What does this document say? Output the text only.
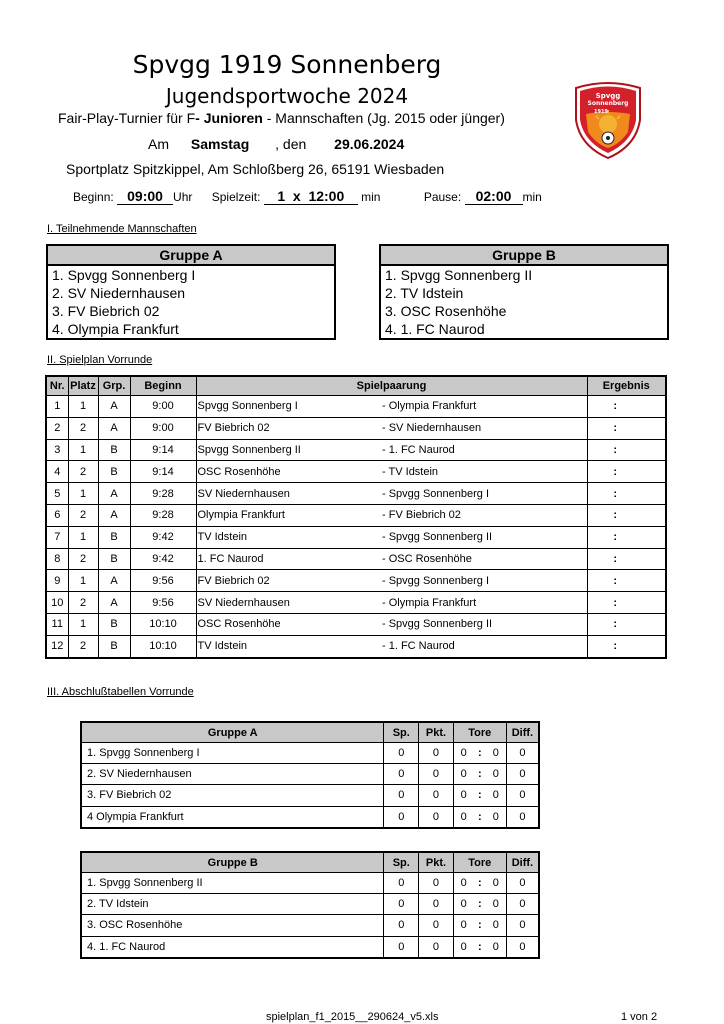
Spvgg 1919 Sonnenberg
Jugendsportwoche 2024
Fair-Play-Turnier für F- Junioren - Mannschaften (Jg. 2015 oder jünger)
Am Samstag , den 29.06.2024
Sportplatz Spitzkippel, Am Schloßberg 26, 65191 Wiesbaden
Beginn: 09:00 Uhr Spielzeit: 1  x  12:00 min	Pause: 02:00 min
Spvgg
Sonnenberg
1919
I. Teilnehmende Mannschaften
Gruppe A
1. Spvgg Sonnenberg I
2. SV Niedernhausen
3. FV Biebrich 02
4. Olympia Frankfurt
Gruppe B
1. Spvgg Sonnenberg II
2. TV Idstein
3. OSC Rosenhöhe
4. 1. FC Naurod
II. Spielplan Vorrunde
Nr.	Platz	Grp.	Beginn	Spielpaarung		Ergebnis	
1	1	A	9:00	Spvgg Sonnenberg I	- Olympia Frankfurt	:	
2	2	A	9:00	FV Biebrich 02	- SV Niedernhausen	:	
3	1	B	9:14	Spvgg Sonnenberg II	- 1. FC Naurod	:	
4	2	B	9:14	OSC Rosenhöhe	- TV Idstein	:	
5	1	A	9:28	SV Niedernhausen	- Spvgg Sonnenberg I	:	
6	2	A	9:28	Olympia Frankfurt	- FV Biebrich 02	:	
7	1	B	9:42	TV Idstein	- Spvgg Sonnenberg II	:	
8	2	B	9:42	1. FC Naurod	- OSC Rosenhöhe	:	
9	1	A	9:56	FV Biebrich 02	- Spvgg Sonnenberg I	:	
10	2	A	9:56	SV Niedernhausen	- Olympia Frankfurt	:	
11	1	B	10:10	OSC Rosenhöhe	- Spvgg Sonnenberg II	:	
12	2	B	10:10	TV Idstein	- 1. FC Naurod	:	
III. Abschlußtabellen Vorrunde
Gruppe A	Sp.	Pkt.	Tore			Diff.
1. Spvgg Sonnenberg I	0	0	0	:	0	0
2. SV Niedernhausen	0	0	0	:	0	0
3. FV Biebrich 02	0	0	0	:	0	0
4 Olympia Frankfurt	0	0	0	:	0	0
Gruppe B	Sp.	Pkt.	Tore			Diff.
1. Spvgg Sonnenberg II	0	0	0	:	0	0
2. TV Idstein	0	0	0	:	0	0
3. OSC Rosenhöhe	0	0	0	:	0	0
4. 1. FC Naurod	0	0	0	:	0	0
spielplan_f1_2015__290624_v5.xls	1 von 2
